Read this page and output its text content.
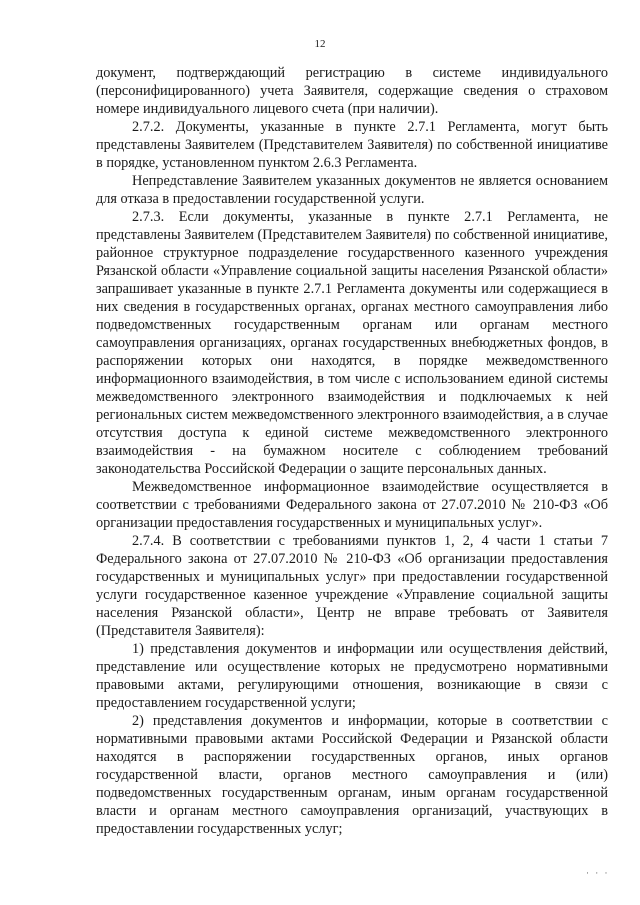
12

документ, подтверждающий регистрацию в системе индивидуального (персонифицированного) учета Заявителя, содержащие сведения о страховом номере индивидуального лицевого счета (при наличии).

2.7.2. Документы, указанные в пункте 2.7.1 Регламента, могут быть представлены Заявителем (Представителем Заявителя) по собственной инициативе в порядке, установленном пунктом 2.6.3 Регламента.

Непредставление Заявителем указанных документов не является основанием для отказа в предоставлении государственной услуги.

2.7.3. Если документы, указанные в пункте 2.7.1 Регламента, не представлены Заявителем (Представителем Заявителя) по собственной инициативе, районное структурное подразделение государственного казенного учреждения Рязанской области «Управление социальной защиты населения Рязанской области» запрашивает указанные в пункте 2.7.1 Регламента документы или содержащиеся в них сведения в государственных органах, органах местного самоуправления либо подведомственных государственным органам или органам местного самоуправления организациях, органах государственных внебюджетных фондов, в распоряжении которых они находятся, в порядке межведомственного информационного взаимодействия, в том числе с использованием единой системы межведомственного электронного взаимодействия и подключаемых к ней региональных систем межведомственного электронного взаимодействия, а в случае отсутствия доступа к единой системе межведомственного электронного взаимодействия - на бумажном носителе с соблюдением требований законодательства Российской Федерации о защите персональных данных.

Межведомственное информационное взаимодействие осуществляется в соответствии с требованиями Федерального закона от 27.07.2010 № 210-ФЗ «Об организации предоставления государственных и муниципальных услуг».

2.7.4. В соответствии с требованиями пунктов 1, 2, 4 части 1 статьи 7 Федерального закона от 27.07.2010 № 210-ФЗ «Об организации предоставления государственных и муниципальных услуг» при предоставлении государственной услуги государственное казенное учреждение «Управление социальной защиты населения Рязанской области», Центр не вправе требовать от Заявителя (Представителя Заявителя):

1) представления документов и информации или осуществления действий, представление или осуществление которых не предусмотрено нормативными правовыми актами, регулирующими отношения, возникающие в связи с предоставлением государственной услуги;

2) представления документов и информации, которые в соответствии с нормативными правовыми актами Российской Федерации и Рязанской области находятся в распоряжении государственных органов, иных органов государственной власти, органов местного самоуправления и (или) подведомственных государственным органам, иным органам государственной власти и органам местного самоуправления организаций, участвующих в предоставлении государственных услуг;

· · ·
